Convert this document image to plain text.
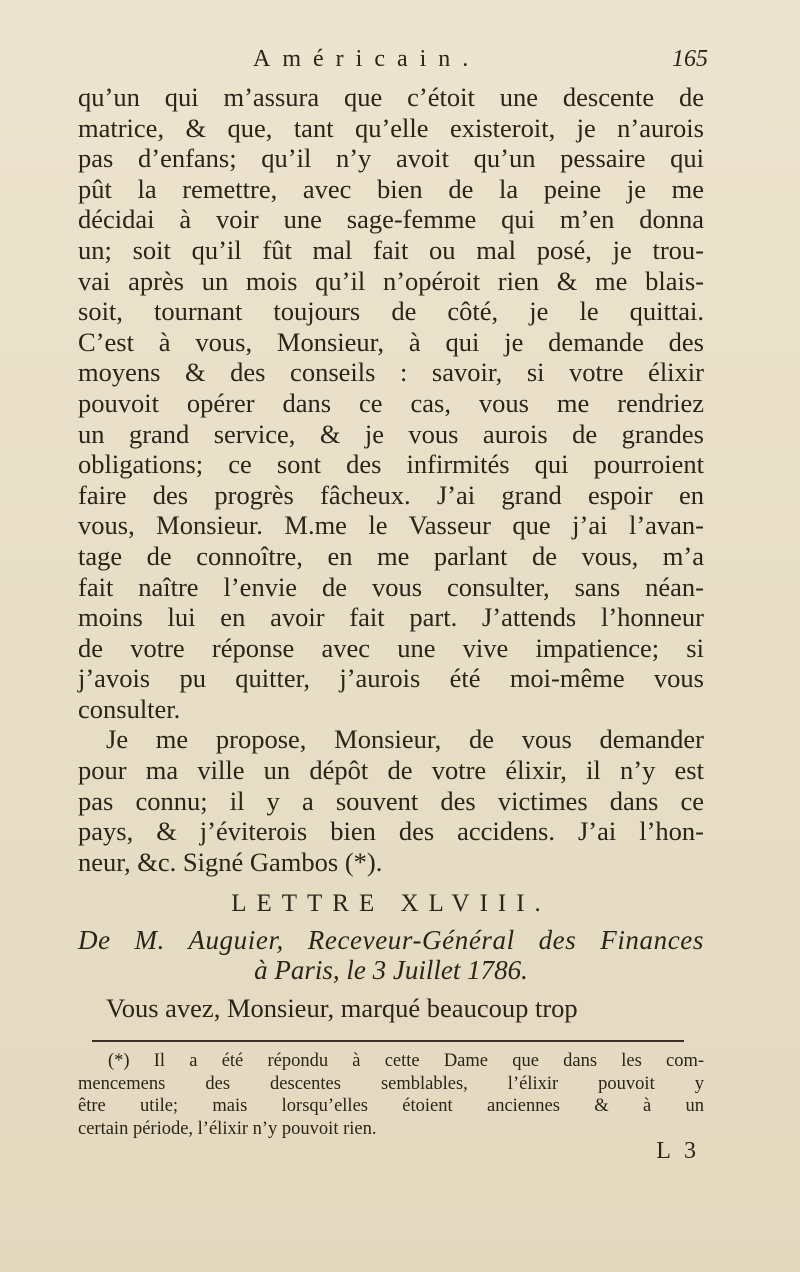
Américain.	165
qu’un qui m’assura que c’étoit une descente de
matrice, & que, tant qu’elle existeroit, je n’aurois
pas d’enfans; qu’il n’y avoit qu’un pessaire qui
pût la remettre, avec bien de la peine je me
décidai à voir une sage-femme qui m’en donna
un; soit qu’il fût mal fait ou mal posé, je trou-
vai après un mois qu’il n’opéroit rien & me blais-
soit, tournant toujours de côté, je le quittai.
C’est à vous, Monsieur, à qui je demande des
moyens & des conseils : savoir, si votre élixir
pouvoit opérer dans ce cas, vous me rendriez
un grand service, & je vous aurois de grandes
obligations; ce sont des infirmités qui pourroient
faire des progrès fâcheux. J’ai grand espoir en
vous, Monsieur. M.me le Vasseur que j’ai l’avan-
tage de connoître, en me parlant de vous, m’a
fait naître l’envie de vous consulter, sans néan-
moins lui en avoir fait part. J’attends l’honneur
de votre réponse avec une vive impatience; si
j’avois pu quitter, j’aurois été moi-même vous
consulter.
Je me propose, Monsieur, de vous demander
pour ma ville un dépôt de votre élixir, il n’y est
pas connu; il y a souvent des victimes dans ce
pays, & j’éviterois bien des accidens. J’ai l’hon-
neur, &c. Signé Gambos (*).
LETTRE XLVIII.
De M. Auguier, Receveur-Général des Finances
à Paris, le 3 Juillet 1786.
Vous avez, Monsieur, marqué beaucoup trop
(*) Il a été répondu à cette Dame que dans les com-
mencemens des descentes semblables, l’élixir pouvoit y
être utile; mais lorsqu’elles étoient anciennes & à un
certain période, l’élixir n’y pouvoit rien.
L 3
